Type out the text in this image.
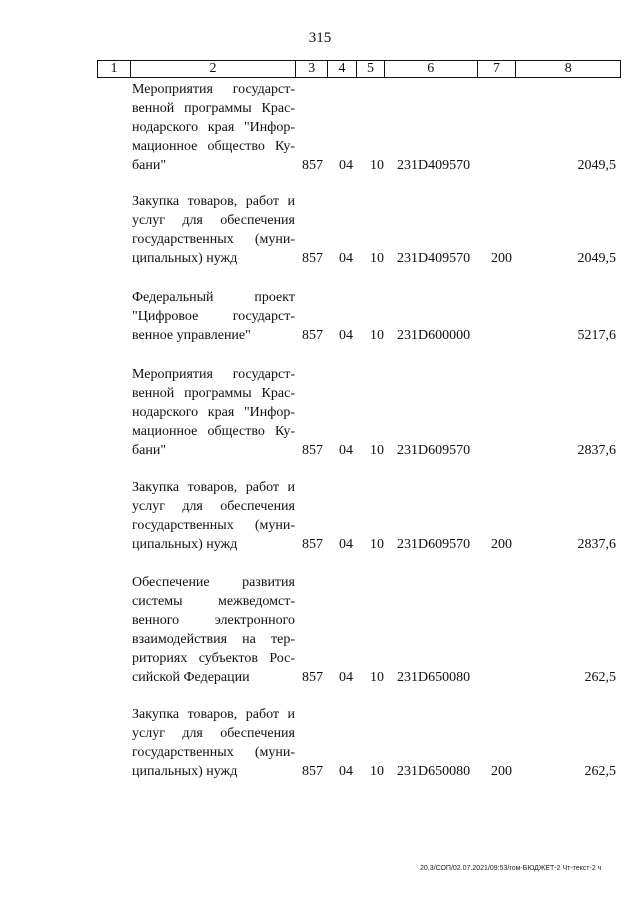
315
1	2	3	4	5	6	7	8
Мероприятия государст-
венной программы Крас-
нодарского края "Инфор-
мационное общество Ку-
бани"	857 04 10 231D409570	2049,5
Закупка товаров, работ и
услуг для обеспечения
государственных (муни-
ципальных) нужд	857 04 10 231D409570 200	2049,5
Федеральный проект
"Цифровое государст-
венное управление"	857 04 10 231D600000	5217,6
Мероприятия государст-
венной программы Крас-
нодарского края "Инфор-
мационное общество Ку-
бани"	857 04 10 231D609570	2837,6
Закупка товаров, работ и
услуг для обеспечения
государственных (муни-
ципальных) нужд	857 04 10 231D609570 200	2837,6
Обеспечение развития
системы межведомст-
венного электронного
взаимодействия на тер-
риториях субъектов Рос-
сийской Федерации	857 04 10 231D650080	262,5
Закупка товаров, работ и
услуг для обеспечения
государственных (муни-
ципальных) нужд	857 04 10 231D650080 200	262,5
20.3/СОП/02.07.2021/09:53/гом-БЮДЖЕТ-2 Чт-текст-2 ч
